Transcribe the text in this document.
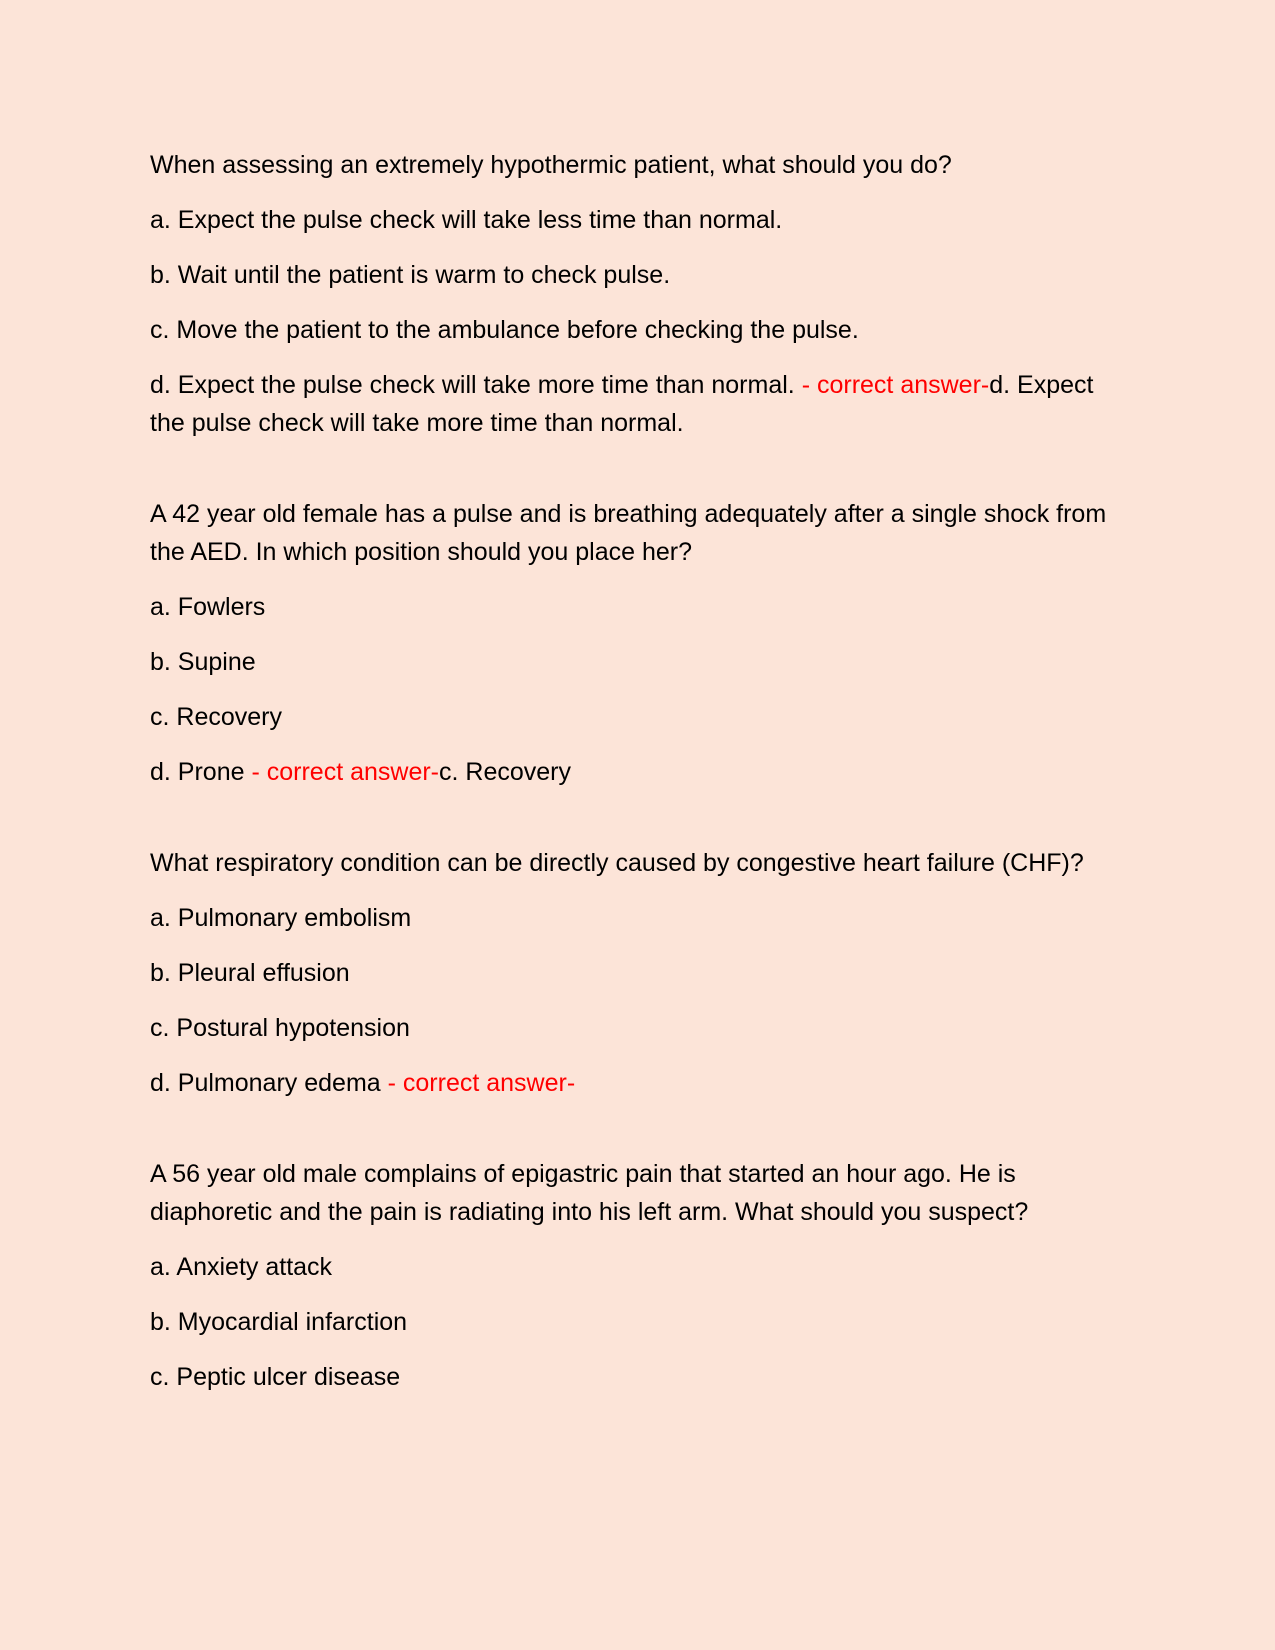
When assessing an extremely hypothermic patient, what should you do?

a. Expect the pulse check will take less time than normal.

b. Wait until the patient is warm to check pulse.

c. Move the patient to the ambulance before checking the pulse.

d. Expect the pulse check will take more time than normal. - correct answer-d. Expect the pulse check will take more time than normal.

A 42 year old female has a pulse and is breathing adequately after a single shock from the AED. In which position should you place her?

a. Fowlers

b. Supine

c. Recovery

d. Prone - correct answer-c. Recovery

What respiratory condition can be directly caused by congestive heart failure (CHF)?

a. Pulmonary embolism

b. Pleural effusion

c. Postural hypotension

d. Pulmonary edema - correct answer-

A 56 year old male complains of epigastric pain that started an hour ago. He is diaphoretic and the pain is radiating into his left arm. What should you suspect?

a. Anxiety attack

b. Myocardial infarction

c. Peptic ulcer disease
